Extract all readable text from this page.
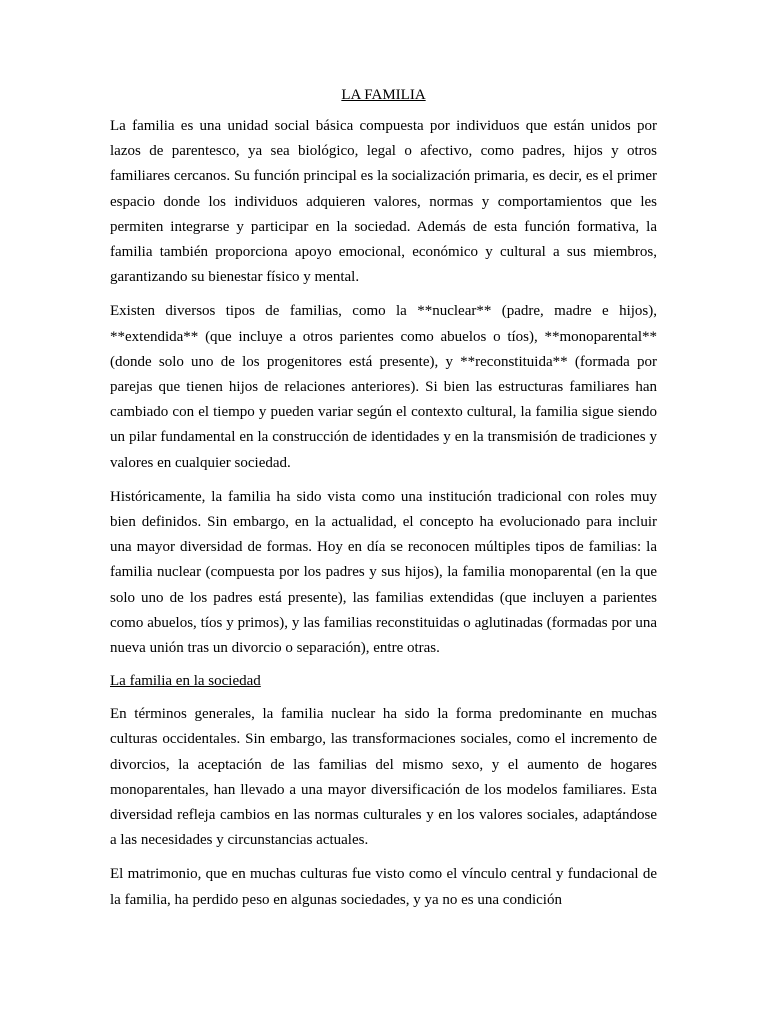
LA FAMILIA

La familia es una unidad social básica compuesta por individuos que están unidos por lazos de parentesco, ya sea biológico, legal o afectivo, como padres, hijos y otros familiares cercanos. Su función principal es la socialización primaria, es decir, es el primer espacio donde los individuos adquieren valores, normas y comportamientos que les permiten integrarse y participar en la sociedad. Además de esta función formativa, la familia también proporciona apoyo emocional, económico y cultural a sus miembros, garantizando su bienestar físico y mental.

Existen diversos tipos de familias, como la **nuclear** (padre, madre e hijos), **extendida** (que incluye a otros parientes como abuelos o tíos), **monoparental** (donde solo uno de los progenitores está presente), y **reconstituida** (formada por parejas que tienen hijos de relaciones anteriores). Si bien las estructuras familiares han cambiado con el tiempo y pueden variar según el contexto cultural, la familia sigue siendo un pilar fundamental en la construcción de identidades y en la transmisión de tradiciones y valores en cualquier sociedad.

Históricamente, la familia ha sido vista como una institución tradicional con roles muy bien definidos. Sin embargo, en la actualidad, el concepto ha evolucionado para incluir una mayor diversidad de formas. Hoy en día se reconocen múltiples tipos de familias: la familia nuclear (compuesta por los padres y sus hijos), la familia monoparental (en la que solo uno de los padres está presente), las familias extendidas (que incluyen a parientes como abuelos, tíos y primos), y las familias reconstituidas o aglutinadas (formadas por una nueva unión tras un divorcio o separación), entre otras.

La familia en la sociedad

En términos generales, la familia nuclear ha sido la forma predominante en muchas culturas occidentales. Sin embargo, las transformaciones sociales, como el incremento de divorcios, la aceptación de las familias del mismo sexo, y el aumento de hogares monoparentales, han llevado a una mayor diversificación de los modelos familiares. Esta diversidad refleja cambios en las normas culturales y en los valores sociales, adaptándose a las necesidades y circunstancias actuales.

El matrimonio, que en muchas culturas fue visto como el vínculo central y fundacional de la familia, ha perdido peso en algunas sociedades, y ya no es una condición
